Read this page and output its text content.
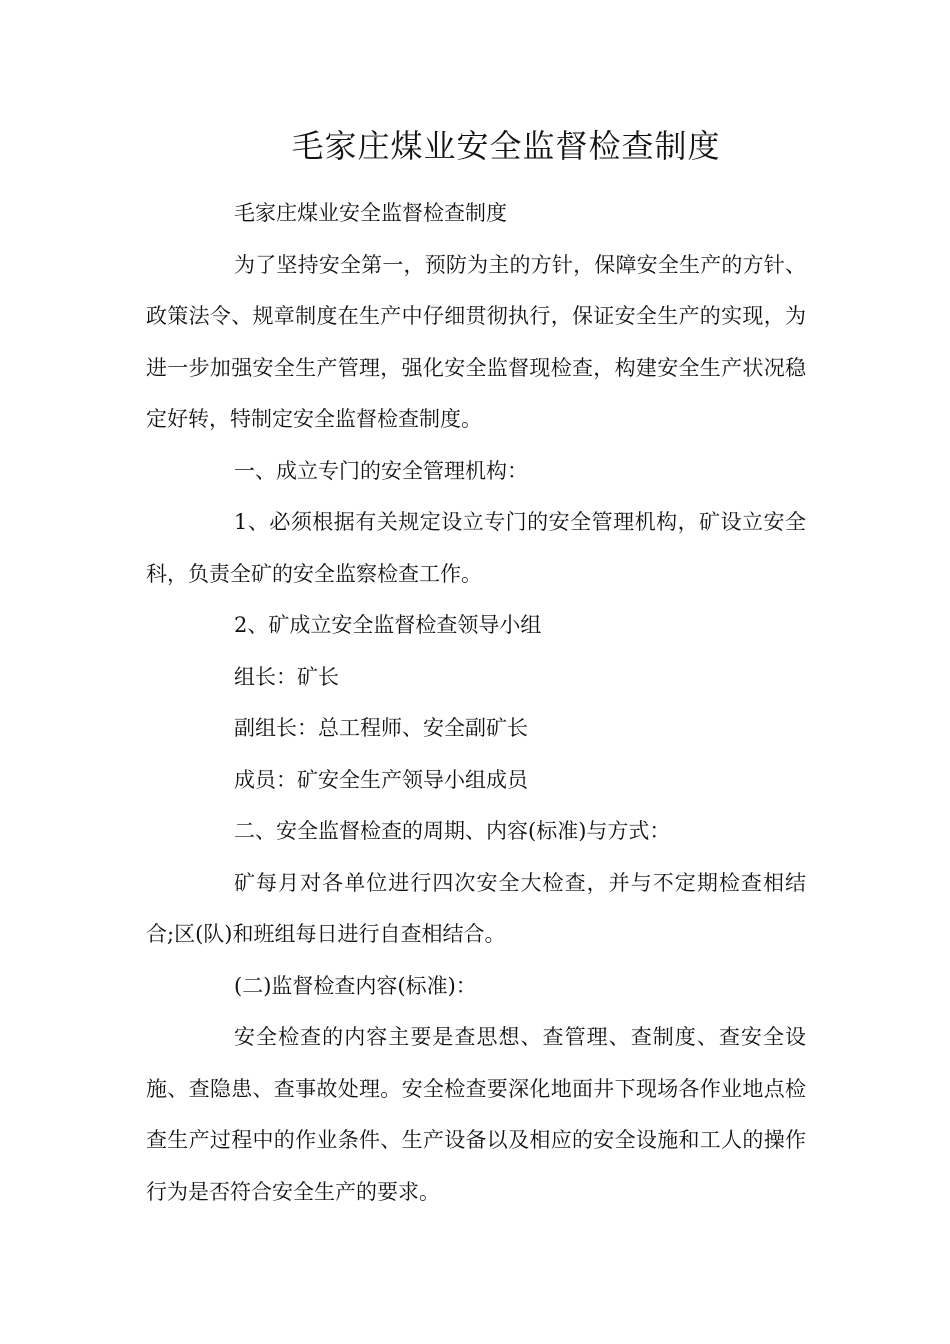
毛家庄煤业安全监督检查制度

毛家庄煤业安全监督检查制度

为了坚持安全第一，预防为主的方针，保障安全生产的方针、政策法令、规章制度在生产中仔细贯彻执行，保证安全生产的实现，为进一步加强安全生产管理，强化安全监督现检查，构建安全生产状况稳定好转，特制定安全监督检查制度。

一、成立专门的安全管理机构：

1、必须根据有关规定设立专门的安全管理机构，矿设立安全科，负责全矿的安全监察检查工作。

2、矿成立安全监督检查领导小组

组长：矿长

副组长：总工程师、安全副矿长

成员：矿安全生产领导小组成员

二、安全监督检查的周期、内容(标准)与方式：

矿每月对各单位进行四次安全大检查，并与不定期检查相结合;区(队)和班组每日进行自查相结合。

(二)监督检查内容(标准)：

安全检查的内容主要是查思想、查管理、查制度、查安全设施、查隐患、查事故处理。安全检查要深化地面井下现场各作业地点检查生产过程中的作业条件、生产设备以及相应的安全设施和工人的操作行为是否符合安全生产的要求。
